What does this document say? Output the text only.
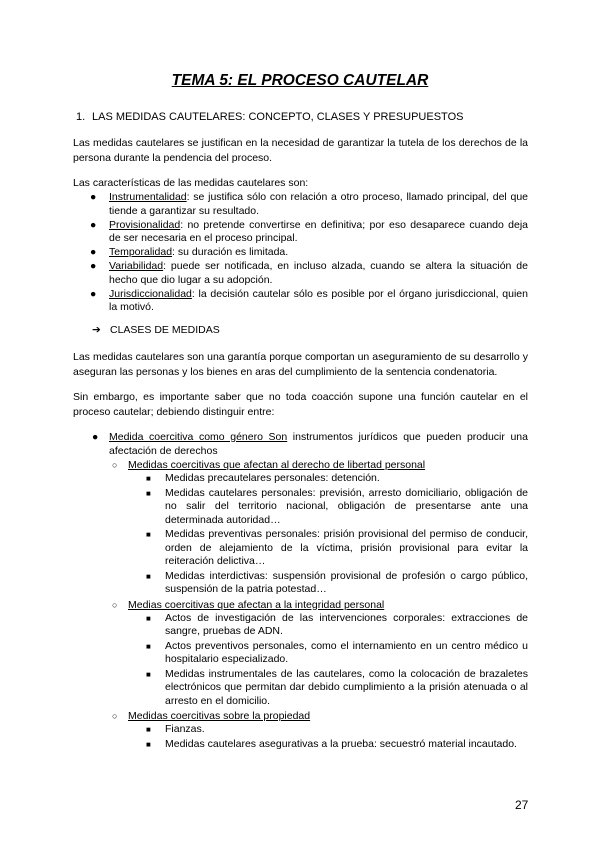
TEMA 5: EL PROCESO CAUTELAR
1. LAS MEDIDAS CAUTELARES: CONCEPTO, CLASES Y PRESUPUESTOS
Las medidas cautelares se justifican en la necesidad de garantizar la tutela de los derechos de la persona durante la pendencia del proceso.
Las características de las medidas cautelares son:
● Instrumentalidad: se justifica sólo con relación a otro proceso, llamado principal, del que tiende a garantizar su resultado.
● Provisionalidad: no pretende convertirse en definitiva; por eso desaparece cuando deja de ser necesaria en el proceso principal.
● Temporalidad: su duración es limitada.
● Variabilidad: puede ser notificada, en incluso alzada, cuando se altera la situación de hecho que dio lugar a su adopción.
● Jurisdiccionalidad: la decisión cautelar sólo es posible por el órgano jurisdiccional, quien la motivó.
➔ CLASES DE MEDIDAS
Las medidas cautelares son una garantía porque comportan un aseguramiento de su desarrollo y aseguran las personas y los bienes en aras del cumplimiento de la sentencia condenatoria.
Sin embargo, es importante saber que no toda coacción supone una función cautelar en el proceso cautelar; debiendo distinguir entre:
●	Medida coercitiva como género Son instrumentos jurídicos que pueden producir una afectación de derechos
○ Medidas coercitivas que afectan al derecho de libertad personal
■ Medidas precautelares personales: detención.
■ Medidas cautelares personales: previsión, arresto domiciliario, obligación de no salir del territorio nacional, obligación de presentarse ante una determinada autoridad…
■ Medidas preventivas personales: prisión provisional del permiso de conducir, orden de alejamiento de la víctima, prisión provisional para evitar la reiteración delictiva…
■ Medidas interdictivas: suspensión provisional de profesión o cargo público, suspensión de la patria potestad…
○ Medias coercitivas que afectan a la integridad personal
■ Actos de investigación de las intervenciones corporales: extracciones de sangre, pruebas de ADN.
■ Actos preventivos personales, como el internamiento en un centro médico u hospitalario especializado.
■ Medidas instrumentales de las cautelares, como la colocación de brazaletes electrónicos que permitan dar debido cumplimiento a la prisión atenuada o al arresto en el domicilio.
○ Medidas coercitivas sobre la propiedad
■ Fianzas.
■ Medidas cautelares asegurativas a la prueba: secuestró material incautado.
27
